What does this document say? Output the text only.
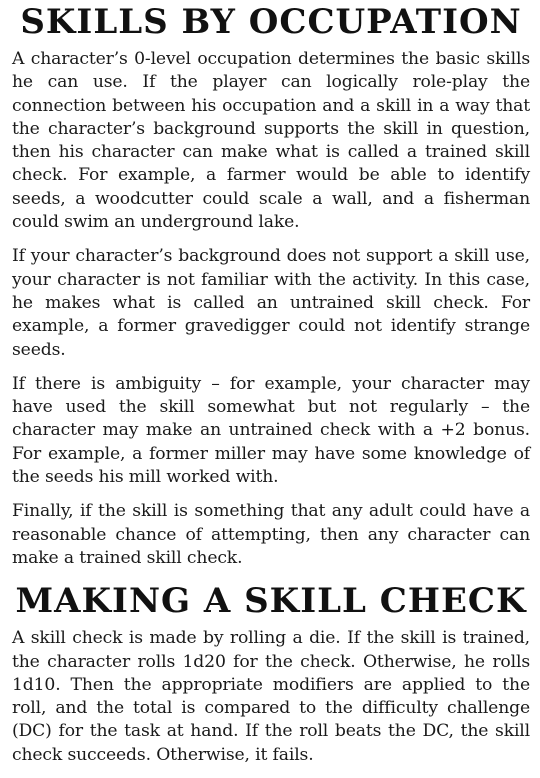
SKILLS BY OCCUPATION

A character’s 0-level occupation determines the basic skills he can use. If the player can logically role-play the connection between his occupation and a skill in a way that the character’s background supports the skill in question, then his character can make what is called a trained skill check. For example, a farmer would be able to identify seeds, a woodcutter could scale a wall, and a fisherman could swim an underground lake.

If your character’s background does not support a skill use, your character is not familiar with the activity. In this case, he makes what is called an untrained skill check. For example, a former gravedigger could not identify strange seeds.

If there is ambiguity – for example, your character may have used the skill somewhat but not regularly – the character may make an untrained check with a +2 bonus. For example, a former miller may have some knowledge of the seeds his mill worked with.

Finally, if the skill is something that any adult could have a reasonable chance of attempting, then any character can make a trained skill check.

MAKING A SKILL CHECK

A skill check is made by rolling a die. If the skill is trained, the character rolls 1d20 for the check. Otherwise, he rolls 1d10. Then the appropriate modifiers are applied to the roll, and the total is compared to the difficulty challenge (DC) for the task at hand. If the roll beats the DC, the skill check succeeds. Otherwise, it fails.
